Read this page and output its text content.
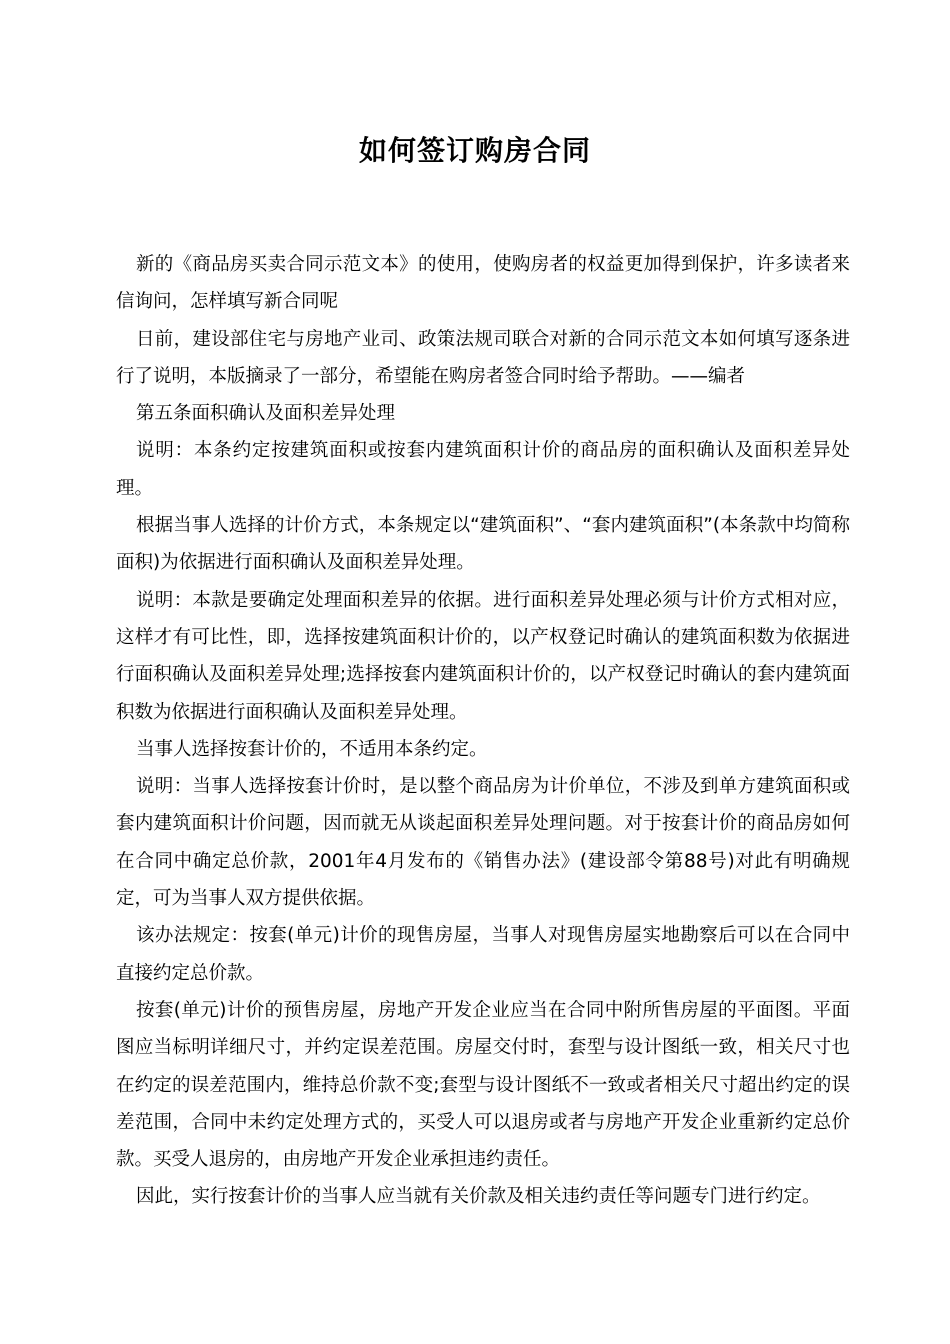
如何签订购房合同

新的《商品房买卖合同示范文本》的使用，使购房者的权益更加得到保护，许多读者来信询问，怎样填写新合同呢

日前，建设部住宅与房地产业司、政策法规司联合对新的合同示范文本如何填写逐条进行了说明，本版摘录了一部分，希望能在购房者签合同时给予帮助。——编者

第五条面积确认及面积差异处理

说明：本条约定按建筑面积或按套内建筑面积计价的商品房的面积确认及面积差异处理。

根据当事人选择的计价方式，本条规定以“建筑面积”、“套内建筑面积”(本条款中均简称面积)为依据进行面积确认及面积差异处理。

说明：本款是要确定处理面积差异的依据。进行面积差异处理必须与计价方式相对应，这样才有可比性，即，选择按建筑面积计价的，以产权登记时确认的建筑面积数为依据进行面积确认及面积差异处理;选择按套内建筑面积计价的，以产权登记时确认的套内建筑面积数为依据进行面积确认及面积差异处理。

当事人选择按套计价的，不适用本条约定。

说明：当事人选择按套计价时，是以整个商品房为计价单位，不涉及到单方建筑面积或套内建筑面积计价问题，因而就无从谈起面积差异处理问题。对于按套计价的商品房如何在合同中确定总价款，2001年4月发布的《销售办法》(建设部令第88号)对此有明确规定，可为当事人双方提供依据。

该办法规定：按套(单元)计价的现售房屋，当事人对现售房屋实地勘察后可以在合同中直接约定总价款。

按套(单元)计价的预售房屋，房地产开发企业应当在合同中附所售房屋的平面图。平面图应当标明详细尺寸，并约定误差范围。房屋交付时，套型与设计图纸一致，相关尺寸也在约定的误差范围内，维持总价款不变;套型与设计图纸不一致或者相关尺寸超出约定的误差范围，合同中未约定处理方式的，买受人可以退房或者与房地产开发企业重新约定总价款。买受人退房的，由房地产开发企业承担违约责任。

因此，实行按套计价的当事人应当就有关价款及相关违约责任等问题专门进行约定。
